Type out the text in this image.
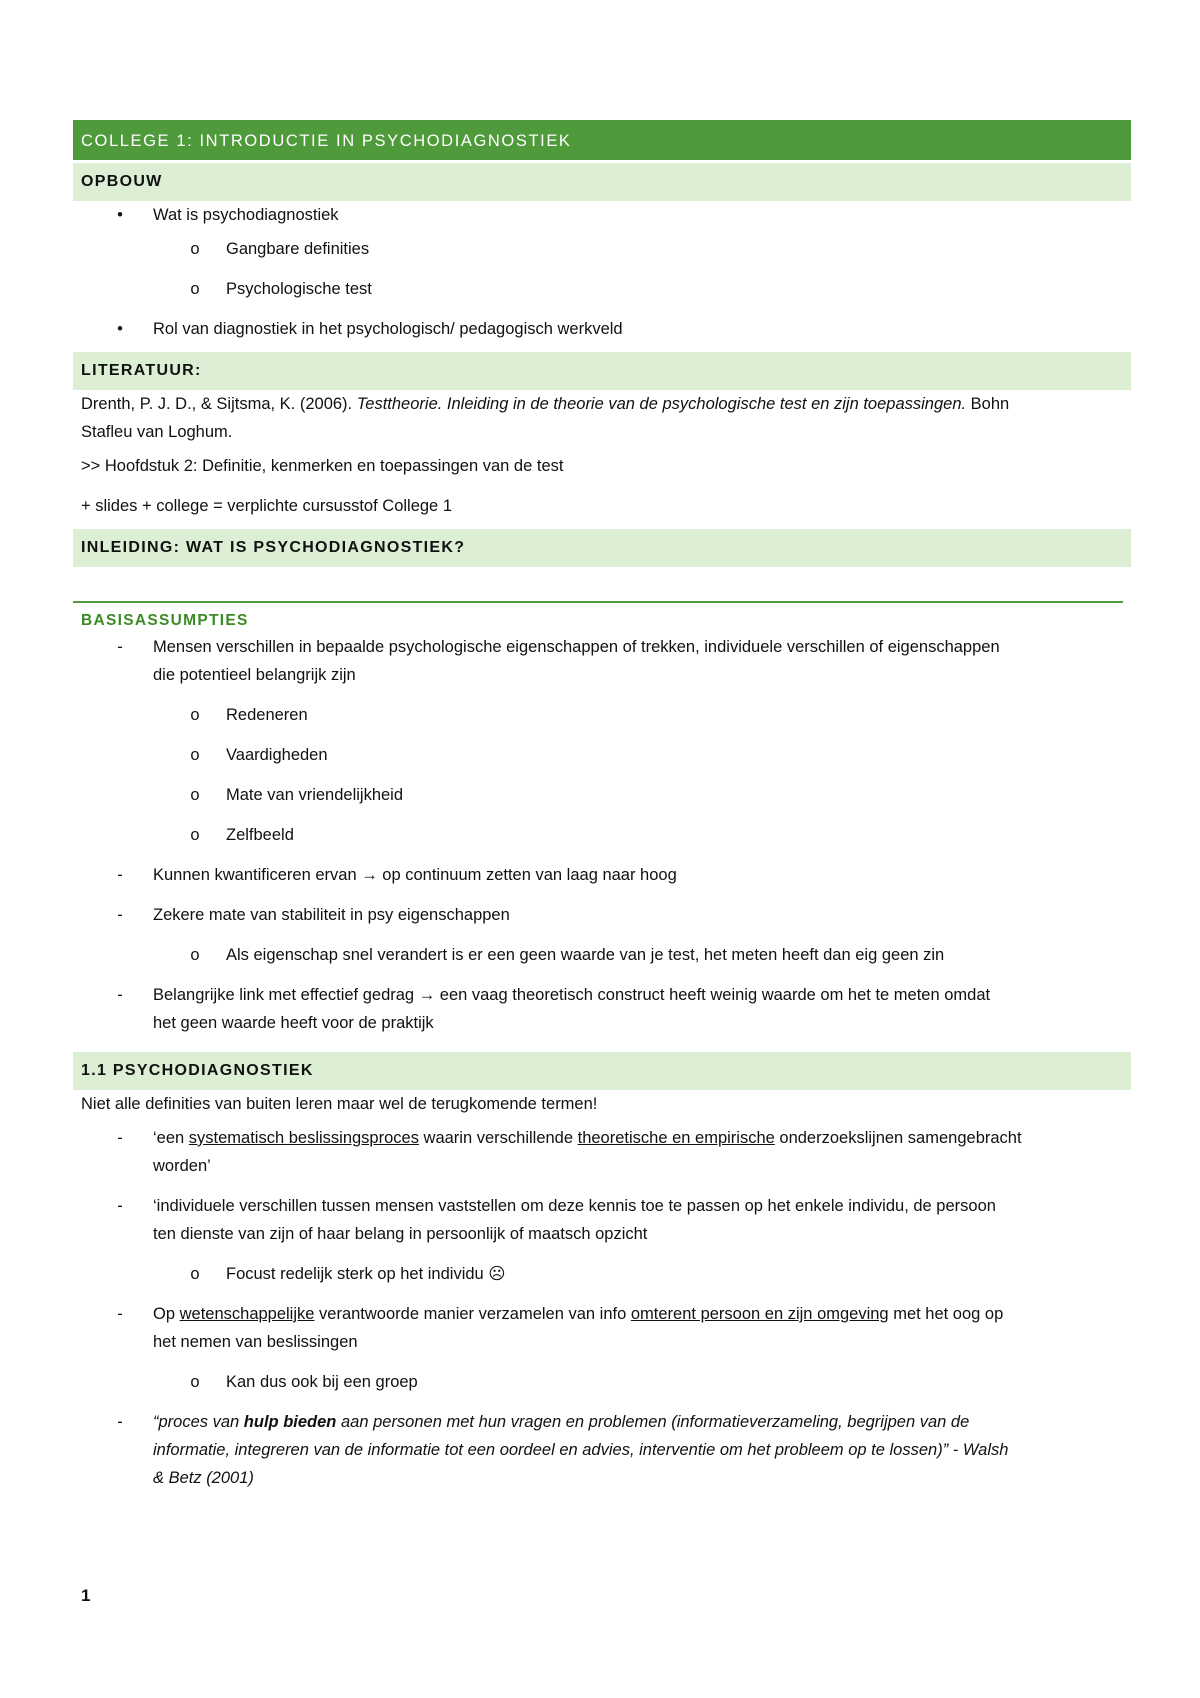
COLLEGE 1: INTRODUCTIE IN PSYCHODIAGNOSTIEK
OPBOUW
•	Wat is psychodiagnostiek
o	Gangbare definities
o	Psychologische test
•	Rol van diagnostiek in het psychologisch/ pedagogisch werkveld
LITERATUUR:
Drenth, P. J. D., & Sijtsma, K. (2006). Testtheorie. Inleiding in de theorie van de psychologische test en zijn toepassingen. Bohn
Stafleu van Loghum.
>> Hoofdstuk 2: Definitie, kenmerken en toepassingen van de test
+ slides + college = verplichte cursusstof College 1
INLEIDING: WAT IS PSYCHODIAGNOSTIEK?
BASISASSUMPTIES
-	Mensen verschillen in bepaalde psychologische eigenschappen of trekken, individuele verschillen of eigenschappen
die potentieel belangrijk zijn
o	Redeneren
o	Vaardigheden
o	Mate van vriendelijkheid
o	Zelfbeeld
-	Kunnen kwantificeren ervan → op continuum zetten van laag naar hoog
-	Zekere mate van stabiliteit in psy eigenschappen
o	Als eigenschap snel verandert is er een geen waarde van je test, het meten heeft dan eig geen zin
-	Belangrijke link met effectief gedrag → een vaag theoretisch construct heeft weinig waarde om het te meten omdat
het geen waarde heeft voor de praktijk
1.1 PSYCHODIAGNOSTIEK
Niet alle definities van buiten leren maar wel de terugkomende termen!
-	‘een systematisch beslissingsproces waarin verschillende theoretische en empirische onderzoekslijnen samengebracht
worden’
-	‘individuele verschillen tussen mensen vaststellen om deze kennis toe te passen op het enkele individu, de persoon
ten dienste van zijn of haar belang in persoonlijk of maatsch opzicht
o	Focust redelijk sterk op het individu ☹
-	Op wetenschappelijke verantwoorde manier verzamelen van info omterent persoon en zijn omgeving met het oog op
het nemen van beslissingen
o	Kan dus ook bij een groep
-	“proces van hulp bieden aan personen met hun vragen en problemen (informatieverzameling, begrijpen van de
informatie, integreren van de informatie tot een oordeel en advies, interventie om het probleem op te lossen)” - Walsh
& Betz (2001)
1
